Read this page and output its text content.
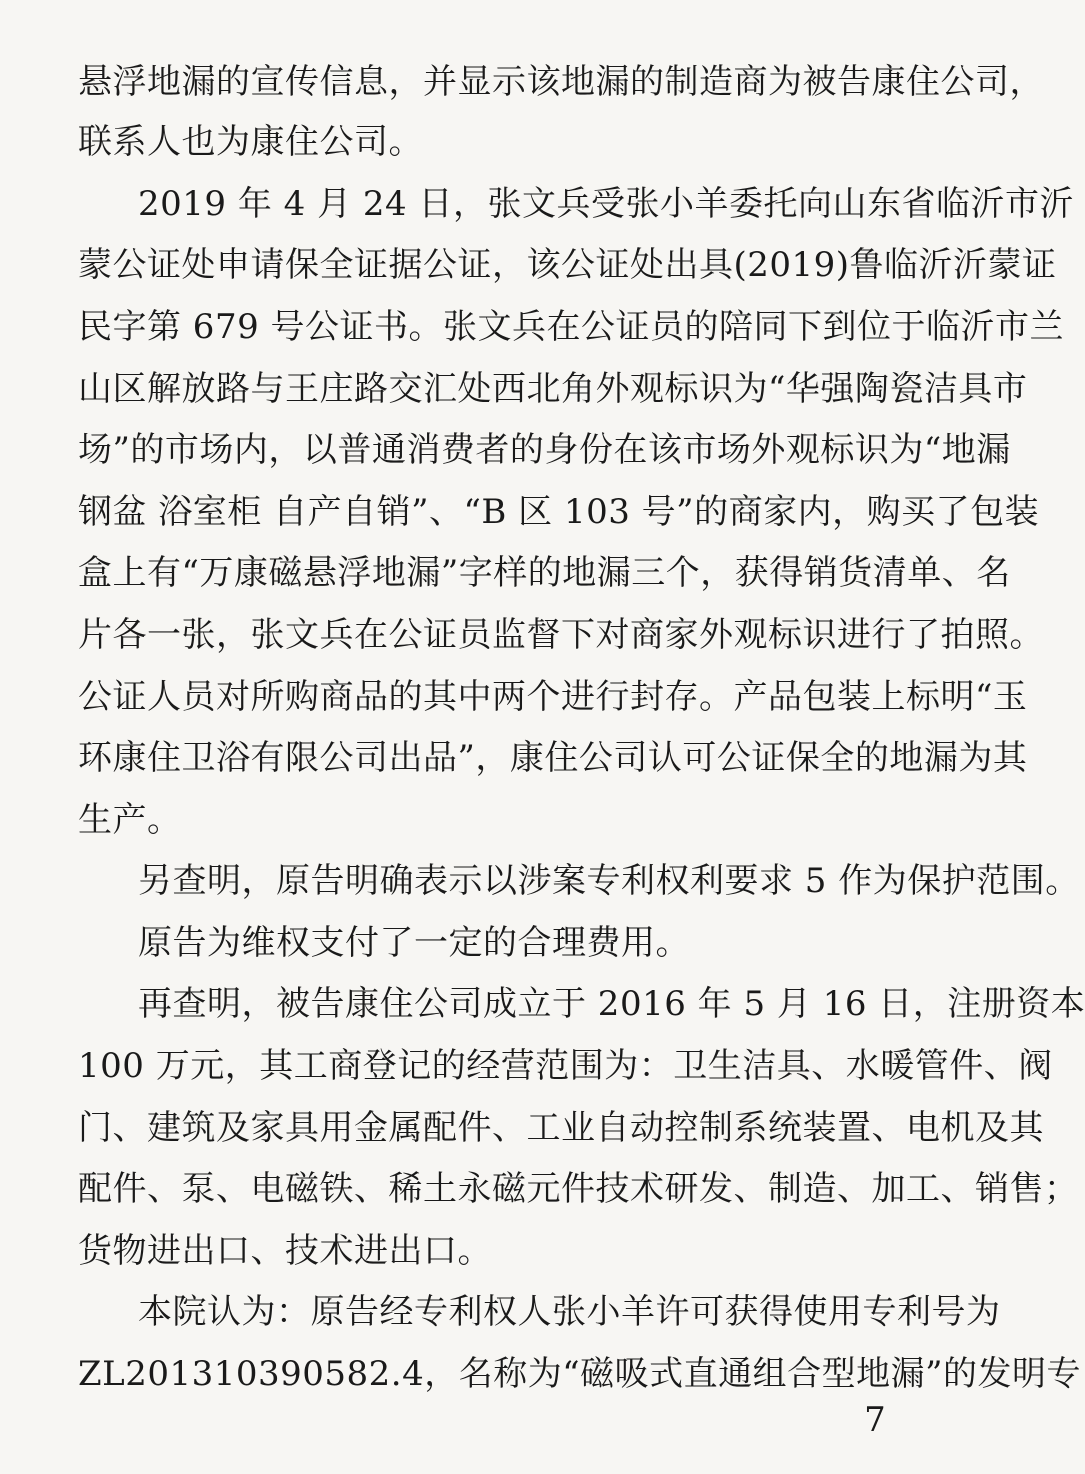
悬浮地漏的宣传信息，并显示该地漏的制造商为被告康住公司，
联系人也为康住公司。
2019 年 4 月 24 日，张文兵受张小羊委托向山东省临沂市沂
蒙公证处申请保全证据公证，该公证处出具(2019)鲁临沂沂蒙证
民字第 679 号公证书。张文兵在公证员的陪同下到位于临沂市兰
山区解放路与王庄路交汇处西北角外观标识为“华强陶瓷洁具市
场”的市场内，以普通消费者的身份在该市场外观标识为“地漏
钢盆 浴室柜 自产自销”、“B 区 103 号”的商家内，购买了包装
盒上有“万康磁悬浮地漏”字样的地漏三个，获得销货清单、名
片各一张，张文兵在公证员监督下对商家外观标识进行了拍照。
公证人员对所购商品的其中两个进行封存。产品包装上标明“玉
环康住卫浴有限公司出品”，康住公司认可公证保全的地漏为其
生产。
另查明，原告明确表示以涉案专利权利要求 5 作为保护范围。
原告为维权支付了一定的合理费用。
再查明，被告康住公司成立于 2016 年 5 月 16 日，注册资本
100 万元，其工商登记的经营范围为：卫生洁具、水暖管件、阀
门、建筑及家具用金属配件、工业自动控制系统装置、电机及其
配件、泵、电磁铁、稀土永磁元件技术研发、制造、加工、销售；
货物进出口、技术进出口。
本院认为：原告经专利权人张小羊许可获得使用专利号为
ZL201310390582.4，名称为“磁吸式直通组合型地漏”的发明专
7
